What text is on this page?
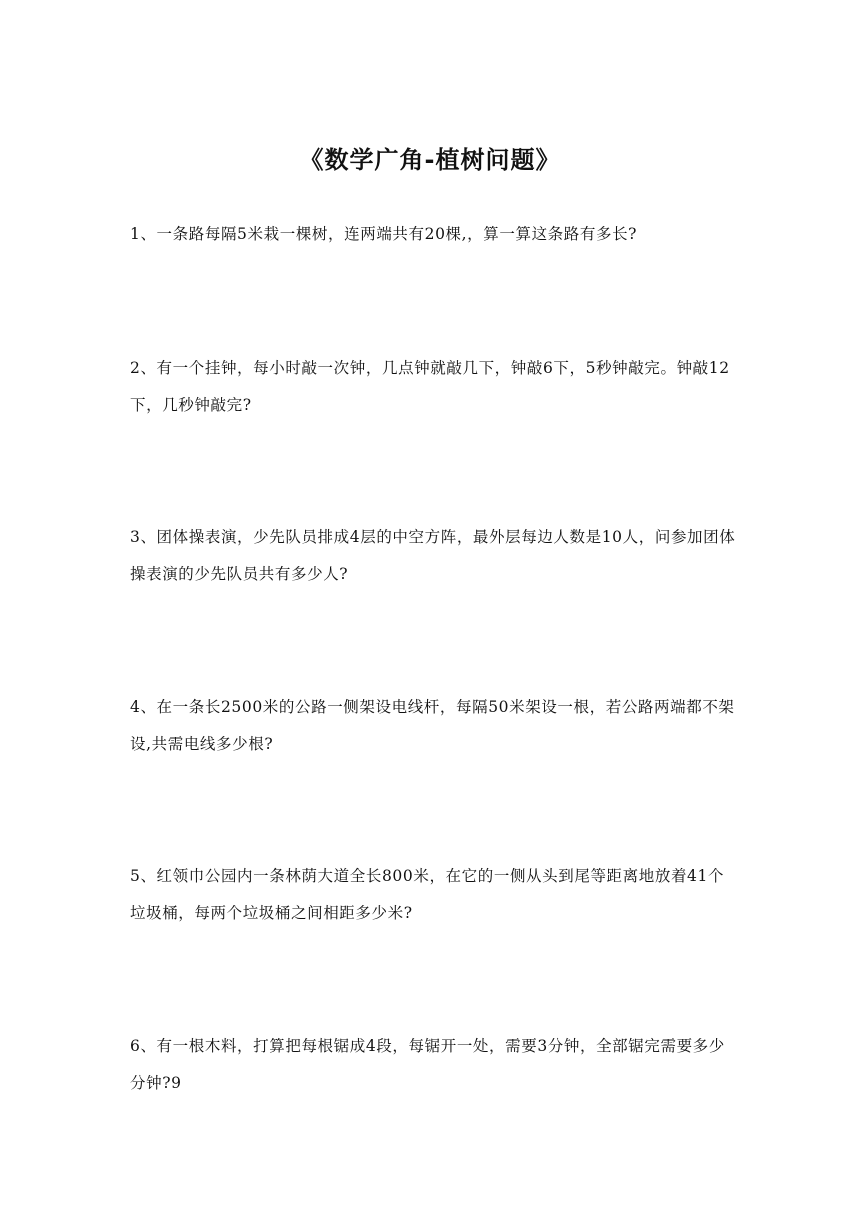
《数学广角-植树问题》
1、一条路每隔5米栽一棵树，连两端共有20棵,，算一算这条路有多长?
2、有一个挂钟，每小时敲一次钟，几点钟就敲几下，钟敲6下，5秒钟敲完。钟敲12下，几秒钟敲完?
3、团体操表演，少先队员排成4层的中空方阵，最外层每边人数是10人，问参加团体操表演的少先队员共有多少人?
4、在一条长2500米的公路一侧架设电线杆，每隔50米架设一根，若公路两端都不架设,共需电线多少根?
5、红领巾公园内一条林荫大道全长800米，在它的一侧从头到尾等距离地放着41个垃圾桶，每两个垃圾桶之间相距多少米?
6、有一根木料，打算把每根锯成4段，每锯开一处，需要3分钟，全部锯完需要多少分钟?9
